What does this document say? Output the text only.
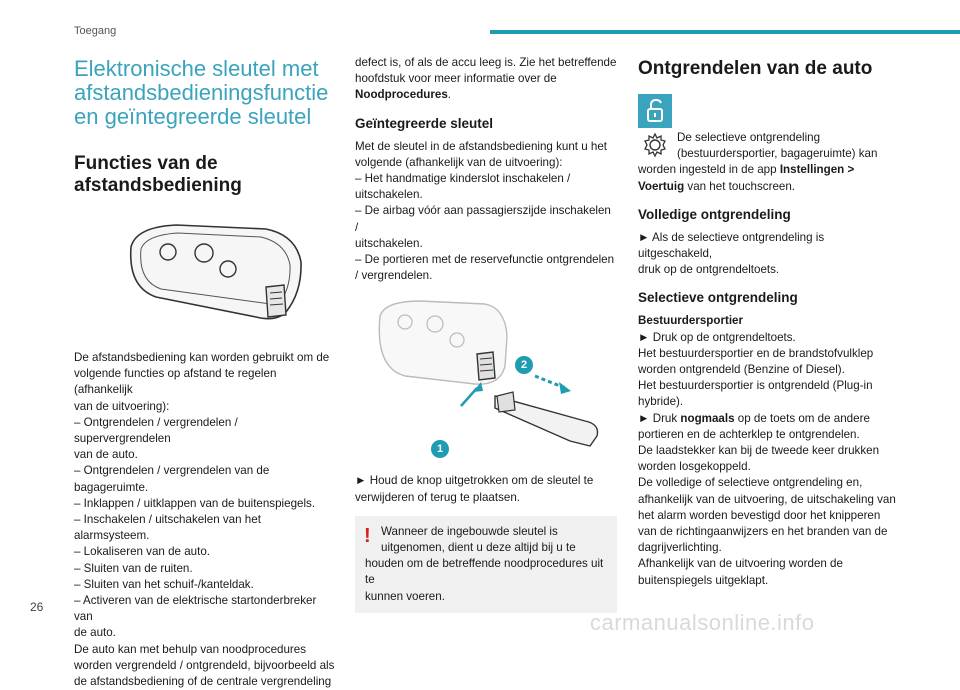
Toegang
Elektronische sleutel met afstandsbedieningsfunctie en geïntegreerde sleutel
Functies van de afstandsbediening

De afstandsbediening kan worden gebruikt om de

volgende functies op afstand te regelen (afhankelijk

van de uitvoering):

– Ontgrendelen / vergrendelen / supervergrendelen

van de auto.

– Ontgrendelen / vergrendelen van de

bagageruimte.

– Inklappen / uitklappen van de buitenspiegels.

– Inschakelen / uitschakelen van het alarmsysteem.

– Lokaliseren van de auto.

– Sluiten van de ruiten.

– Sluiten van het schuif-/kanteldak.

– Activeren van de elektrische startonderbreker van

de auto.

De auto kan met behulp van noodprocedures

worden vergrendeld / ontgrendeld, bijvoorbeeld als

de afstandsbediening of de centrale vergrendeling

defect is, of als de accu leeg is. Zie het betreffende

hoofdstuk voor meer informatie over de

Noodprocedures.

Geïntegreerde sleutel

Met de sleutel in de afstandsbediening kunt u het

volgende (afhankelijk van de uitvoering):

– Het handmatige kinderslot inschakelen /

uitschakelen.

– De airbag vóór aan passagierszijde inschakelen /

uitschakelen.

– De portieren met de reservefunctie ontgrendelen

/ vergrendelen.

1
2

► Houd de knop uitgetrokken om de sleutel te

verwijderen of terug te plaatsen.

! Wanneer de ingebouwde sleutel is
uitgenomen, dient u deze altijd bij u te
houden om de betreffende noodprocedures uit te
kunnen voeren.
Ontgrendelen van de auto

De selectieve ontgrendeling

(bestuurdersportier, bagageruimte) kan

worden ingesteld in de app Instellingen >

Voertuig van het touchscreen.

Volledige ontgrendeling

► Als de selectieve ontgrendeling is uitgeschakeld,

druk op de ontgrendeltoets.

Selectieve ontgrendeling

Bestuurdersportier

► Druk op de ontgrendeltoets.

Het bestuurdersportier en de brandstofvulklep

worden ontgrendeld (Benzine of Diesel).

Het bestuurdersportier is ontgrendeld (Plug-in

hybride).

► Druk nogmaals op de toets om de andere

portieren en de achterklep te ontgrendelen.

De laadstekker kan bij de tweede keer drukken

worden losgekoppeld.

De volledige of selectieve ontgrendeling en,

afhankelijk van de uitvoering, de uitschakeling van

het alarm worden bevestigd door het knipperen

van de richtingaanwijzers en het branden van de

dagrijverlichting.

Afhankelijk van de uitvoering worden de

buitenspiegels uitgeklapt.

26
carmanualsonline.info
